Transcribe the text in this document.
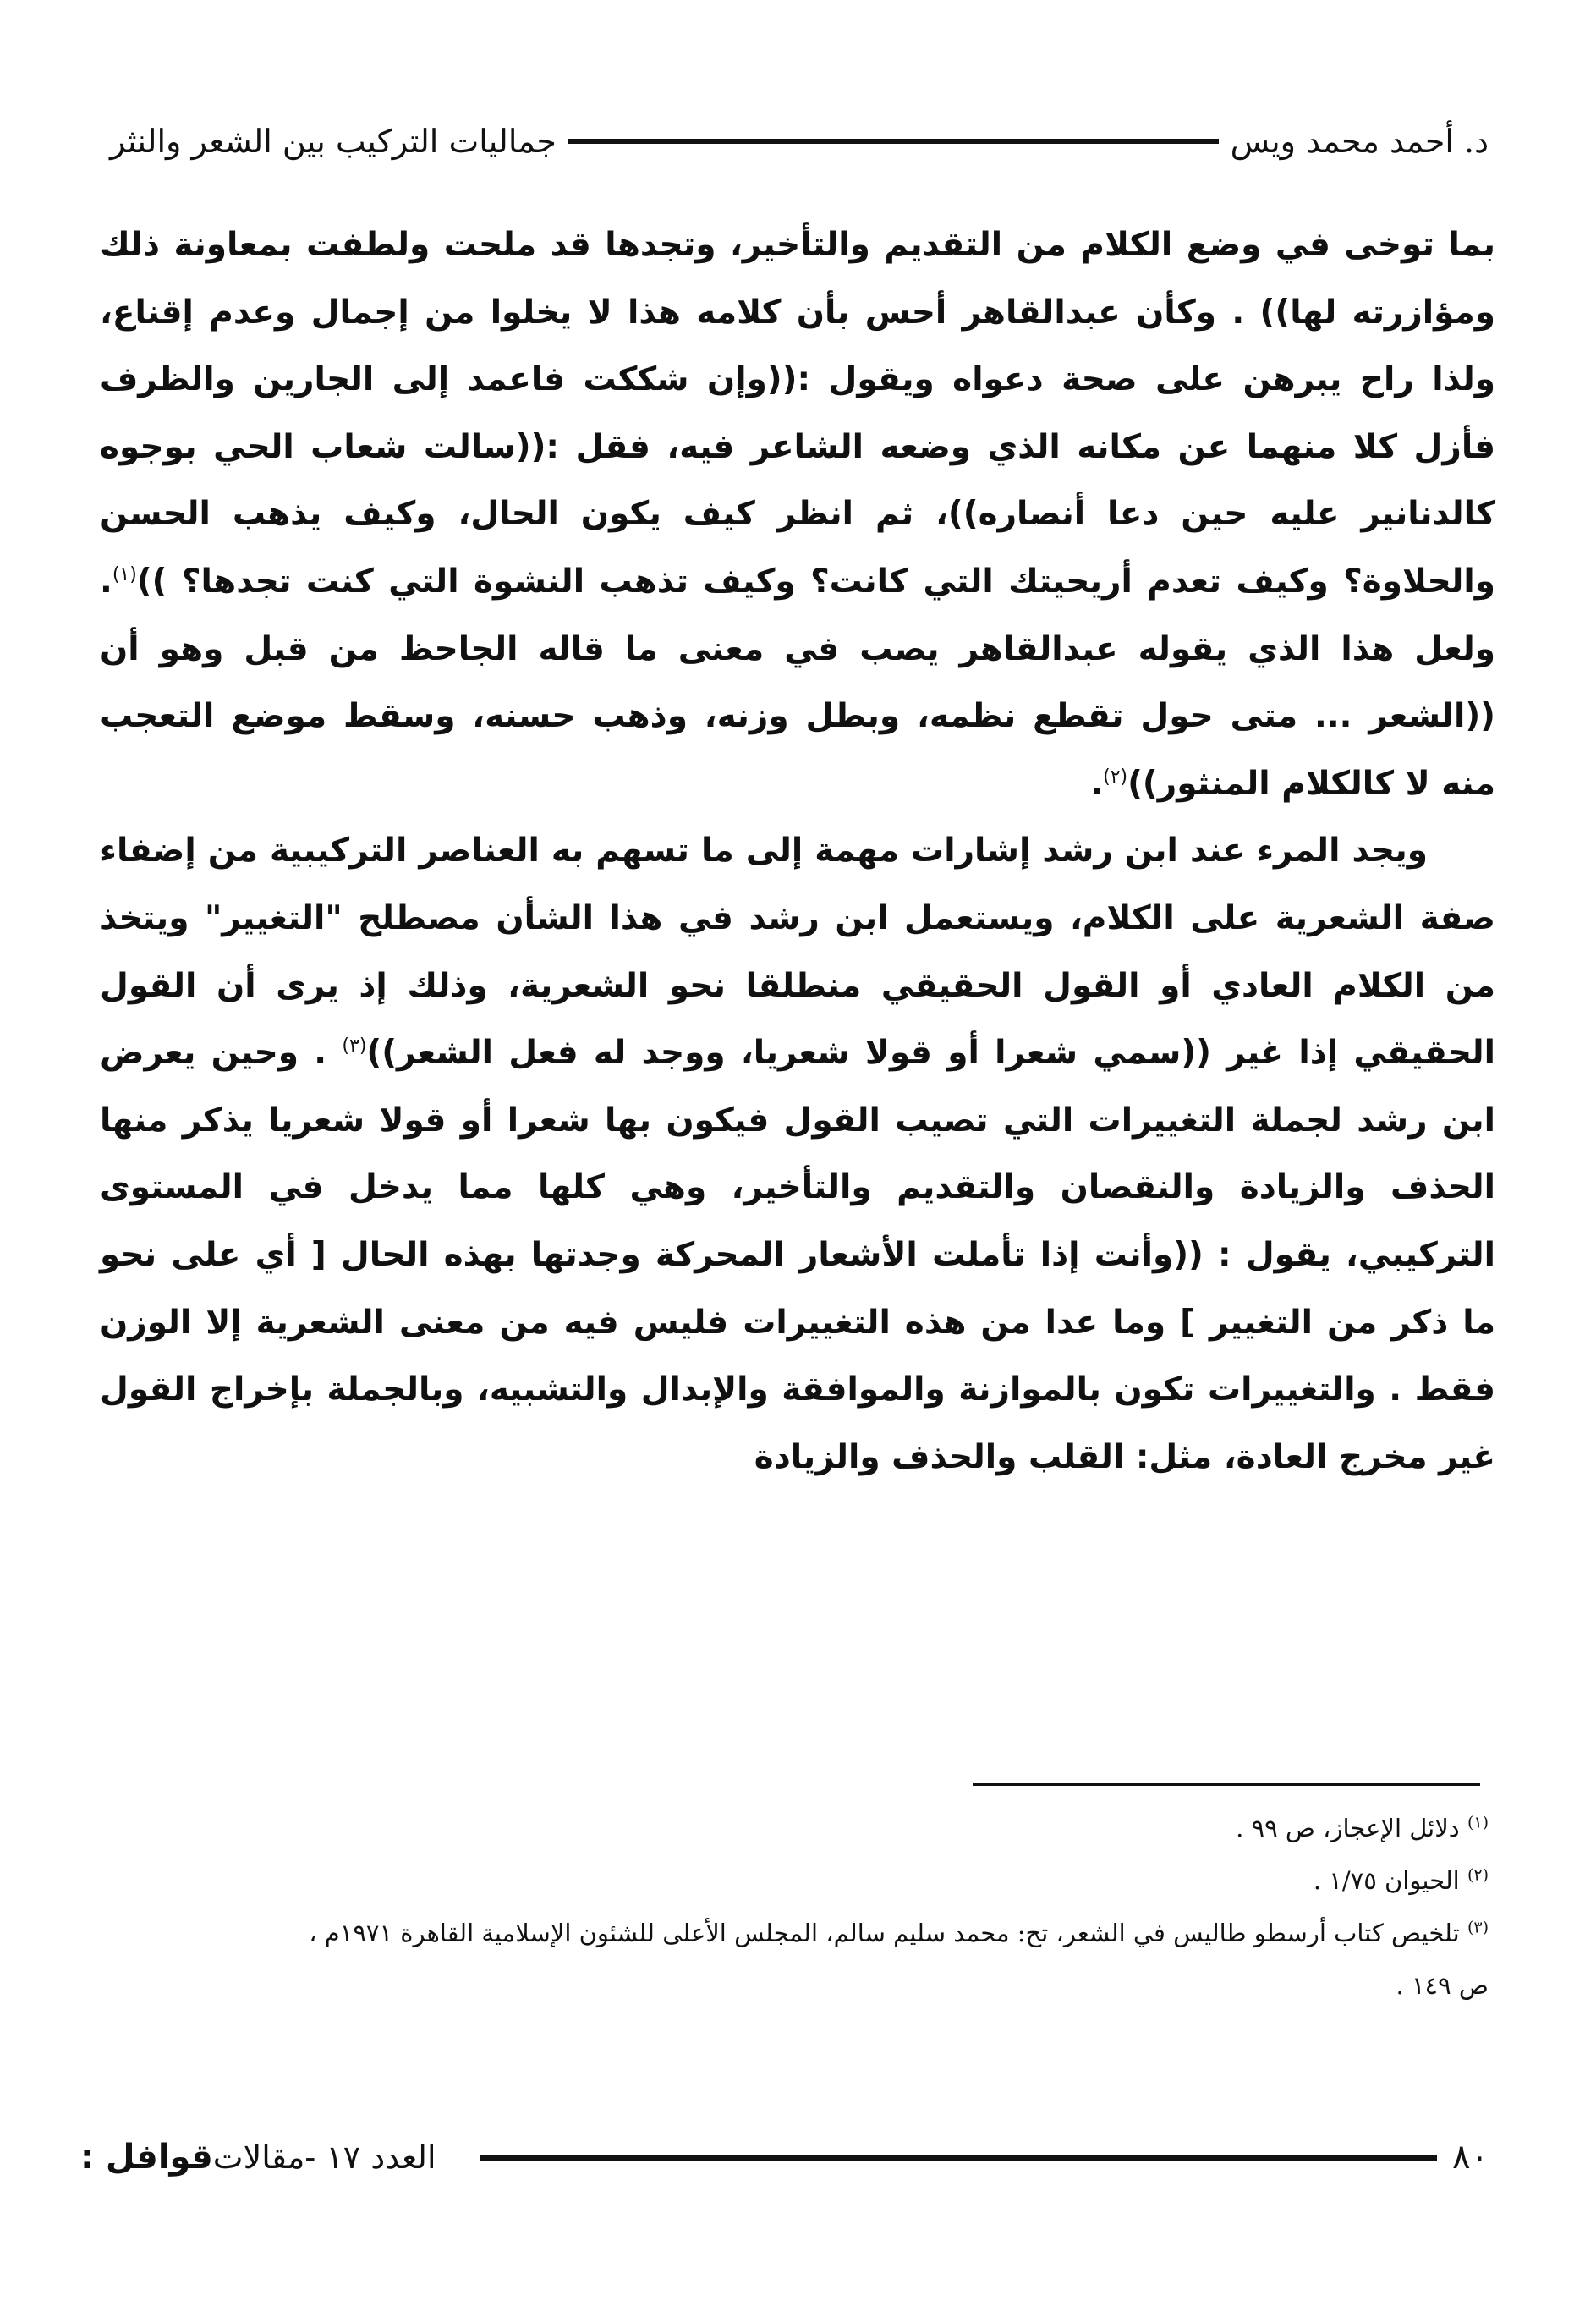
جماليات التركيب بين الشعر والنثر	د. أحمد محمد ويس

بما توخى في وضع الكلام من التقديم والتأخير، وتجدها قد ملحت ولطفت بمعاونة ذلك ومؤازرته لها)) . وكأن عبدالقاهر أحس بأن كلامه هذا لا يخلوا من إجمال وعدم إقناع، ولذا راح يبرهن على صحة دعواه ويقول :((وإن شككت فاعمد إلى الجارين والظرف فأزل كلا منهما عن مكانه الذي وضعه الشاعر فيه، فقل :((سالت شعاب الحي بوجوه كالدنانير عليه حين دعا أنصاره))، ثم انظر كيف يكون الحال، وكيف يذهب الحسن والحلاوة؟ وكيف تعدم أريحيتك التي كانت؟ وكيف تذهب النشوة التي كنت تجدها؟ ))$^{(١)}$. ولعل هذا الذي يقوله عبدالقاهر يصب في معنى ما قاله الجاحظ من قبل وهو أن ((الشعر ... متى حول تقطع نظمه، وبطل وزنه، وذهب حسنه، وسقط موضع التعجب منه لا كالكلام المنثور))$^{(٢)}$.

ويجد المرء عند ابن رشد إشارات مهمة إلى ما تسهم به العناصر التركيبية من إضفاء صفة الشعرية على الكلام، ويستعمل ابن رشد في هذا الشأن مصطلح "التغيير" ويتخذ من الكلام العادي أو القول الحقيقي منطلقا نحو الشعرية، وذلك إذ يرى أن القول الحقيقي إذا غير ((سمي شعرا أو قولا شعريا، ووجد له فعل الشعر))$^{(٣)}$ . وحين يعرض ابن رشد لجملة التغييرات التي تصيب القول فيكون بها شعرا أو قولا شعريا يذكر منها الحذف والزيادة والنقصان والتقديم والتأخير، وهي كلها مما يدخل في المستوى التركيبي، يقول : ((وأنت إذا تأملت الأشعار المحركة وجدتها بهذه الحال [ أي على نحو ما ذكر من التغيير ] وما عدا من هذه التغييرات فليس فيه من معنى الشعرية إلا الوزن فقط . والتغييرات تكون بالموازنة والموافقة والإبدال والتشبيه، وبالجملة بإخراج القول غير مخرج العادة، مثل: القلب والحذف والزيادة

$^{(١)}$ دلائل الإعجاز، ص ٩٩ .
$^{(٢)}$ الحيوان ١/٧٥ .
$^{(٣)}$ تلخيص كتاب أرسطو طاليس في الشعر، تح: محمد سليم سالم، المجلس الأعلى للشئون الإسلامية القاهرة ١٩٧١م ،
ص ١٤٩ .
قوافل : العدد ١٧ -مقالات	٨٠
